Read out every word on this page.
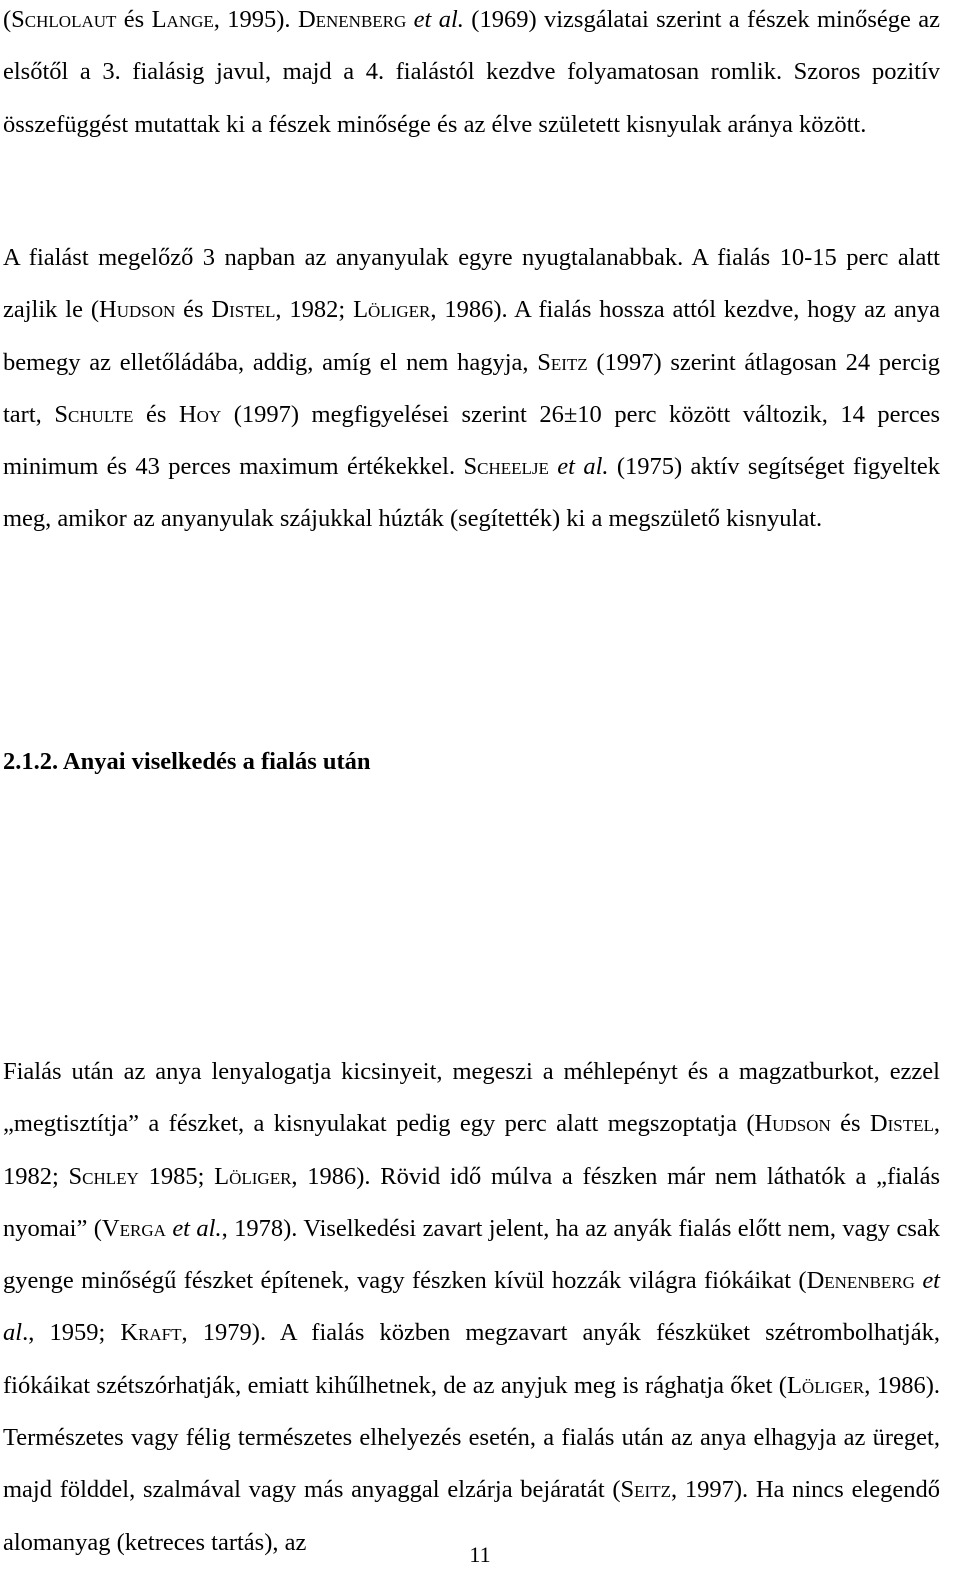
(Schlolaut és Lange, 1995). Denenberg et al. (1969) vizsgálatai szerint a fészek minősége az elsőtől a 3. fialásig javul, majd a 4. fialástól kezdve folyamatosan romlik. Szoros pozitív összefüggést mutattak ki a fészek minősége és az élve született kisnyulak aránya között.

A fialást megelőző 3 napban az anyanyulak egyre nyugtalanabbak. A fialás 10-15 perc alatt zajlik le (Hudson és Distel, 1982; Löliger, 1986). A fialás hossza attól kezdve, hogy az anya bemegy az elletőládába, addig, amíg el nem hagyja, Seitz (1997) szerint átlagosan 24 percig tart, Schulte és Hoy (1997) megfigyelései szerint 26±10 perc között változik, 14 perces minimum és 43 perces maximum értékekkel. Scheelje et al. (1975) aktív segítséget figyeltek meg, amikor az anyanyulak szájukkal húzták (segítették) ki a megszülető kisnyulat.

2.1.2. Anyai viselkedés a fialás után

Fialás után az anya lenyalogatja kicsinyeit, megeszi a méhlepényt és a magzatburkot, ezzel „megtisztítja” a fészket, a kisnyulakat pedig egy perc alatt megszoptatja (Hudson és Distel, 1982; Schley 1985; Löliger, 1986). Rövid idő múlva a fészken már nem láthatók a „fialás nyomai” (Verga et al., 1978). Viselkedési zavart jelent, ha az anyák fialás előtt nem, vagy csak gyenge minőségű fészket építenek, vagy fészken kívül hozzák világra fiókáikat (Denenberg et al., 1959; Kraft, 1979). A fialás közben megzavart anyák fészküket szétrombolhatják, fiókáikat szétszórhatják, emiatt kihűlhetnek, de az anyjuk meg is rághatja őket (Löliger, 1986). Természetes vagy félig természetes elhelyezés esetén, a fialás után az anya elhagyja az üreget, majd földdel, szalmával vagy más anyaggal elzárja bejáratát (Seitz, 1997). Ha nincs elegendő alomanyag (ketreces tartás), az	11
